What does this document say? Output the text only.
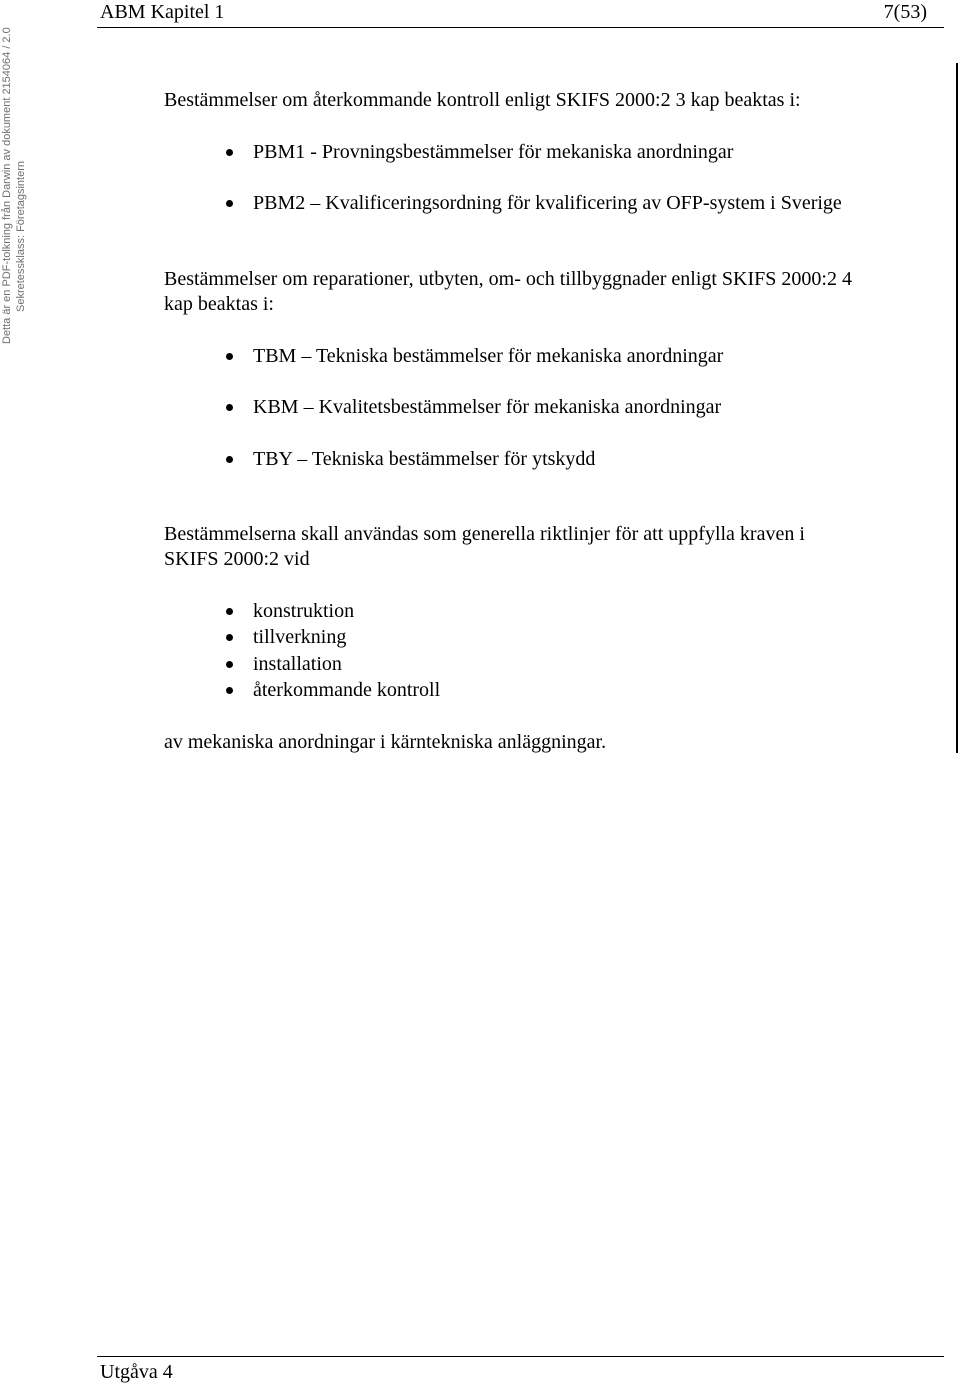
ABM Kapitel 1	7(53)
Detta är en PDF-tolkning från Darwin av dokument 2154064 / 2.0 Sekretessklass: Företagsintern
Bestämmelser om återkommande kontroll enligt SKIFS 2000:2 3 kap beaktas i:
PBM1 - Provningsbestämmelser för mekaniska anordningar
PBM2 – Kvalificeringsordning för kvalificering av OFP-system i Sverige
Bestämmelser om reparationer, utbyten, om- och tillbyggnader enligt SKIFS 2000:2 4
kap beaktas i:
TBM – Tekniska bestämmelser för mekaniska anordningar
KBM – Kvalitetsbestämmelser för mekaniska anordningar
TBY – Tekniska bestämmelser för ytskydd
Bestämmelserna skall användas som generella riktlinjer för att uppfylla kraven i
SKIFS 2000:2 vid
konstruktion
tillverkning
installation
återkommande kontroll
av mekaniska anordningar i kärntekniska anläggningar.
Utgåva 4
